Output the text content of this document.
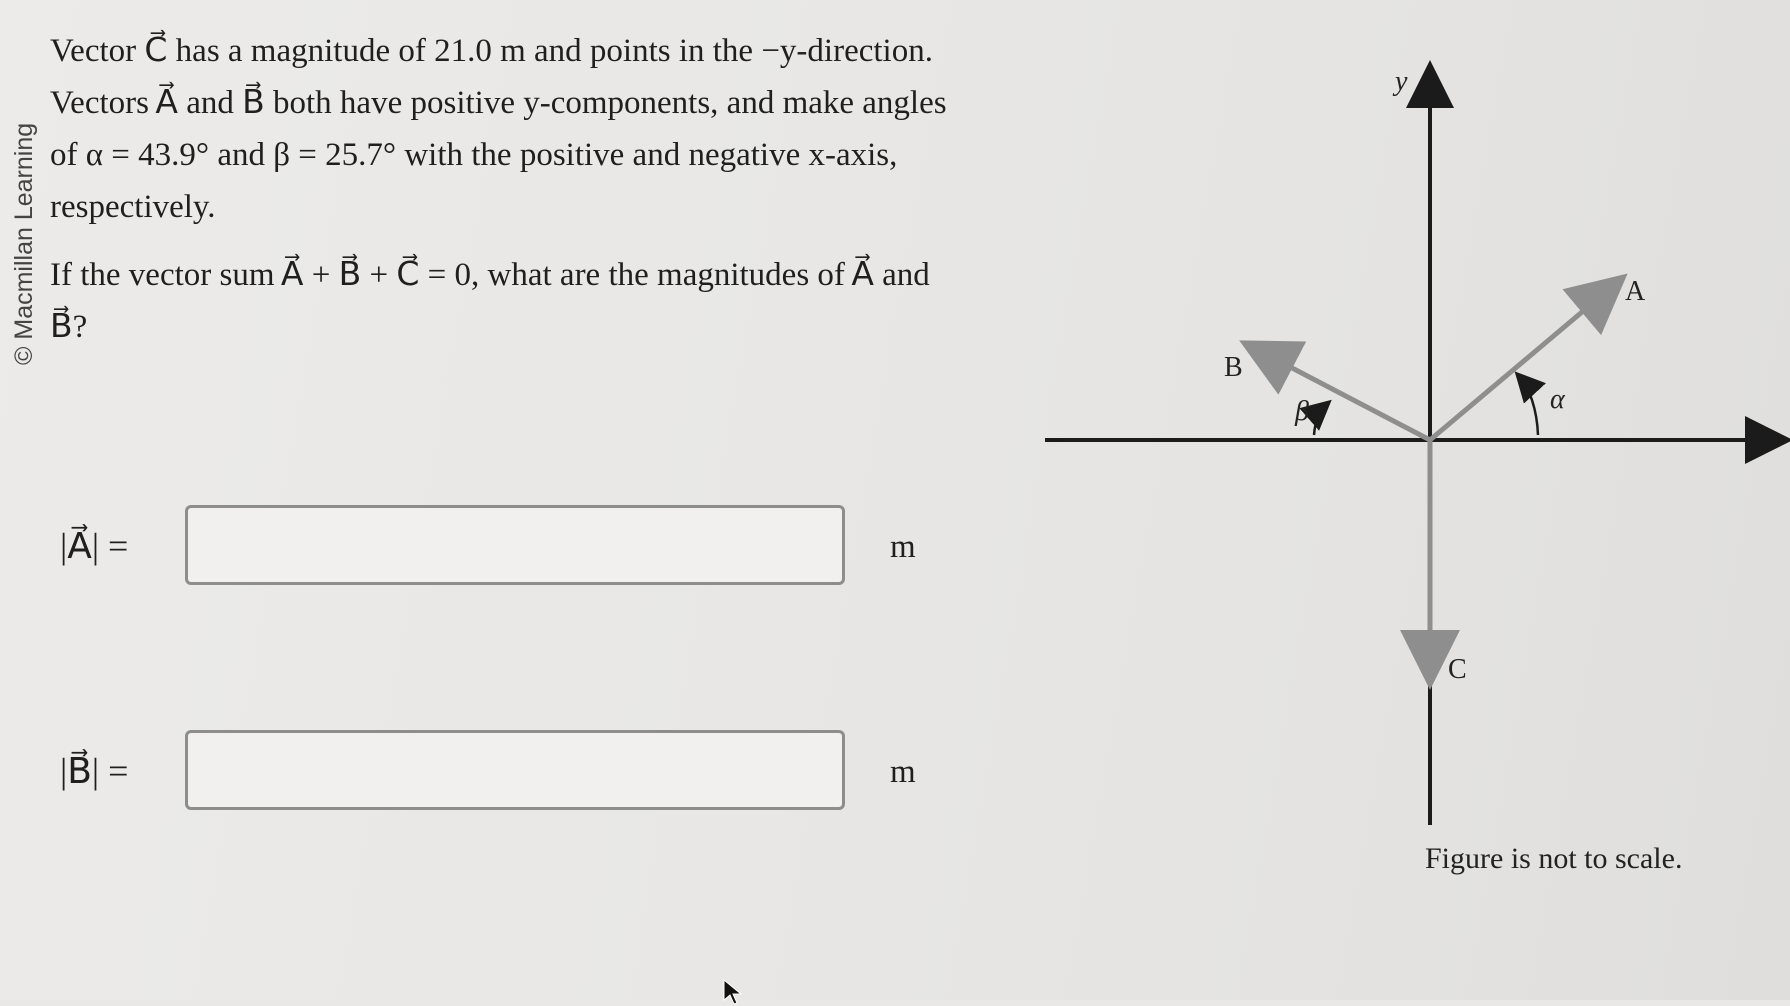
© Macmillan Learning

Vector C⃗ has a magnitude of 21.0 m and points in the −y-direction. Vectors A⃗ and B⃗ both have positive y-components, and make angles of α = 43.9° and β = 25.7° with the positive and negative x-axis, respectively.

If the vector sum A⃗ + B⃗ + C⃗ = 0, what are the magnitudes of A⃗ and B⃗?

|A⃗| =	m
|B⃗| =	m
y
A
B
C
α
β
Figure is not to scale.
